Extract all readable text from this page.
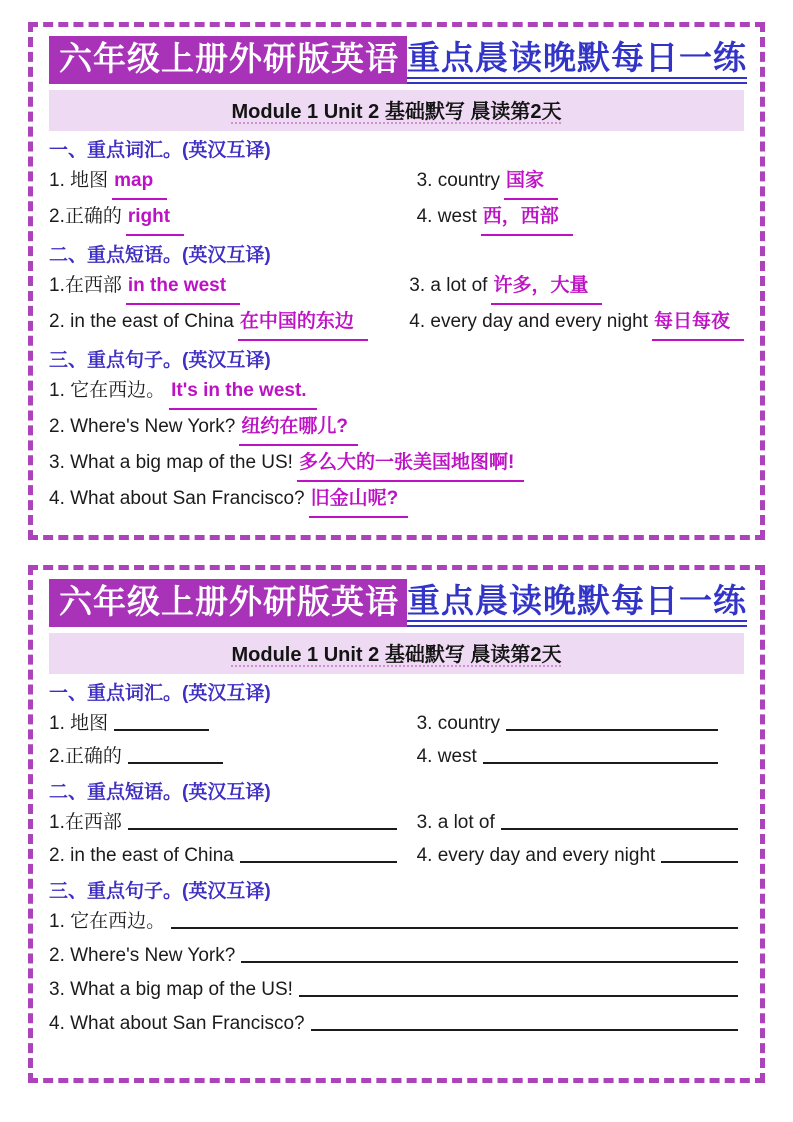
六年级上册外研版英语 重点晨读晚默每日一练
Module 1 Unit 2 基础默写 晨读第2天
一、重点词汇。(英汉互译)
1. 地图 map
2.正确的 right
3. country 国家
4. west 西，西部
二、重点短语。(英汉互译)
1.在西部 in the west
2. in the east of China 在中国的东边
3. a lot of 许多，大量
4. every day and every night 每日每夜
三、重点句子。(英汉互译)
1. 它在西边。 It's in the west.
2. Where's New York? 纽约在哪儿?
3. What a big map of the US! 多么大的一张美国地图啊!
4. What about San Francisco? 旧金山呢?
六年级上册外研版英语 重点晨读晚默每日一练
Module 1 Unit 2 基础默写 晨读第2天
一、重点词汇。(英汉互译)
1. 地图
2.正确的
3. country
4. west
二、重点短语。(英汉互译)
1.在西部
2. in the east of China
3. a lot of
4. every day and every night
三、重点句子。(英汉互译)
1. 它在西边。
2. Where's New York?
3. What a big map of the US!
4. What about San Francisco?
